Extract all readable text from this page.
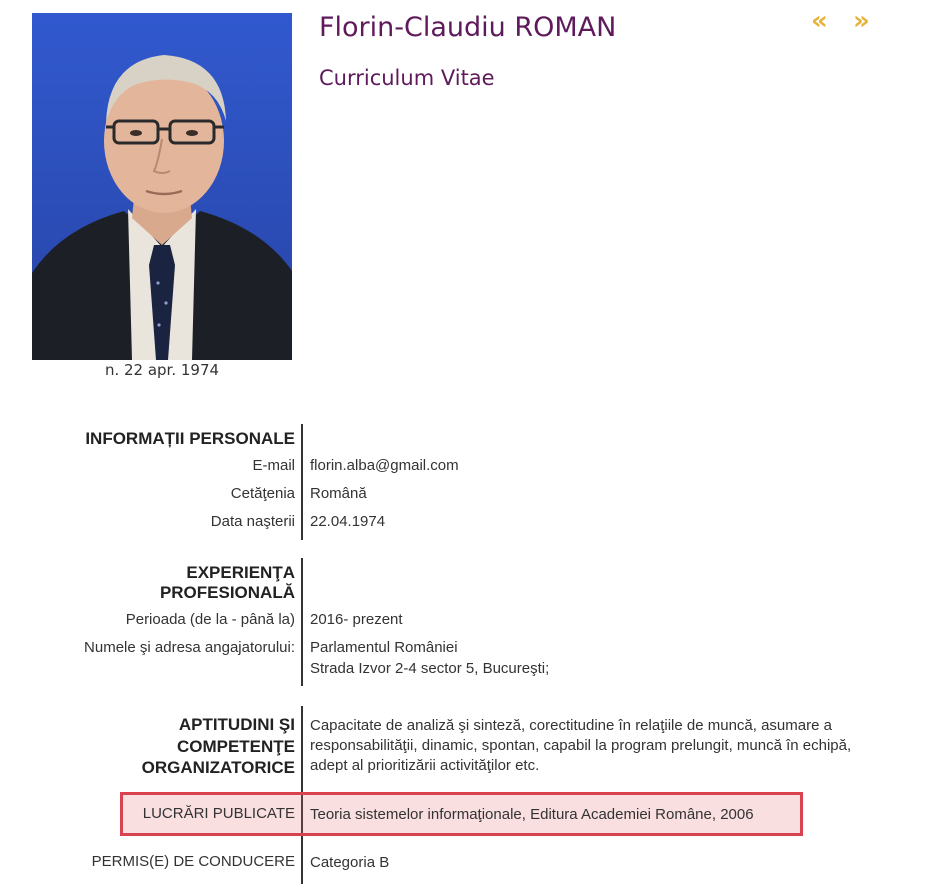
n. 22 apr. 1974
Florin-Claudiu ROMAN
Curriculum Vitae
« »
INFORMAȚII PERSONALE
E-mail florin.alba@gmail.com
Cetăţenia Română
Data naşterii 22.04.1974
EXPERIENŢA
PROFESIONALĂ
Perioada (de la - până la) 2016- prezent
Numele şi adresa angajatorului: Parlamentul României
Strada Izvor 2-4 sector 5, Bucureşti;
APTITUDINI ŞI
COMPETENŢE
ORGANIZATORICE
Capacitate de analiză şi sinteză, corectitudine în relaţiile de muncă, asumare a responsabilităţii, dinamic, spontan, capabil la program prelungit, muncă în echipă, adept al prioritizării activităţilor etc.
LUCRĂRI PUBLICATE Teoria sistemelor informaţionale, Editura Academiei Române, 2006
PERMIS(E) DE CONDUCERE Categoria B
